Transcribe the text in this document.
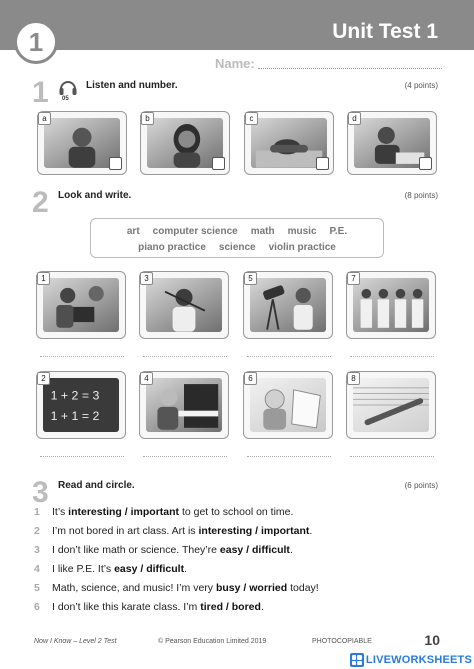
1	Unit Test 1
Name:
1 05
Listen and number.	(4 points)
a	b	c	d
2 Look and write.	(8 points)
art computer science math music P.E.
piano practice science violin practice
1	3	5	7
2
1 + 2 = 3
1 + 1 = 2
4	6	8
3 Read and circle.	(6 points)
1 It’s interesting / important to get to school on time.
2 I’m not bored in art class. Art is interesting / important.
3 I don’t like math or science. They’re easy / difficult.
4 I like P.E. It’s easy / difficult.
5 Math, science, and music! I’m very busy / worried today!
6 I don’t like this karate class. I’m tired / bored.
Now I Know – Level 2 Test	© Pearson Education Limited 2019	PHOTOCOPIABLE	10
LIVEWORKSHEETS
